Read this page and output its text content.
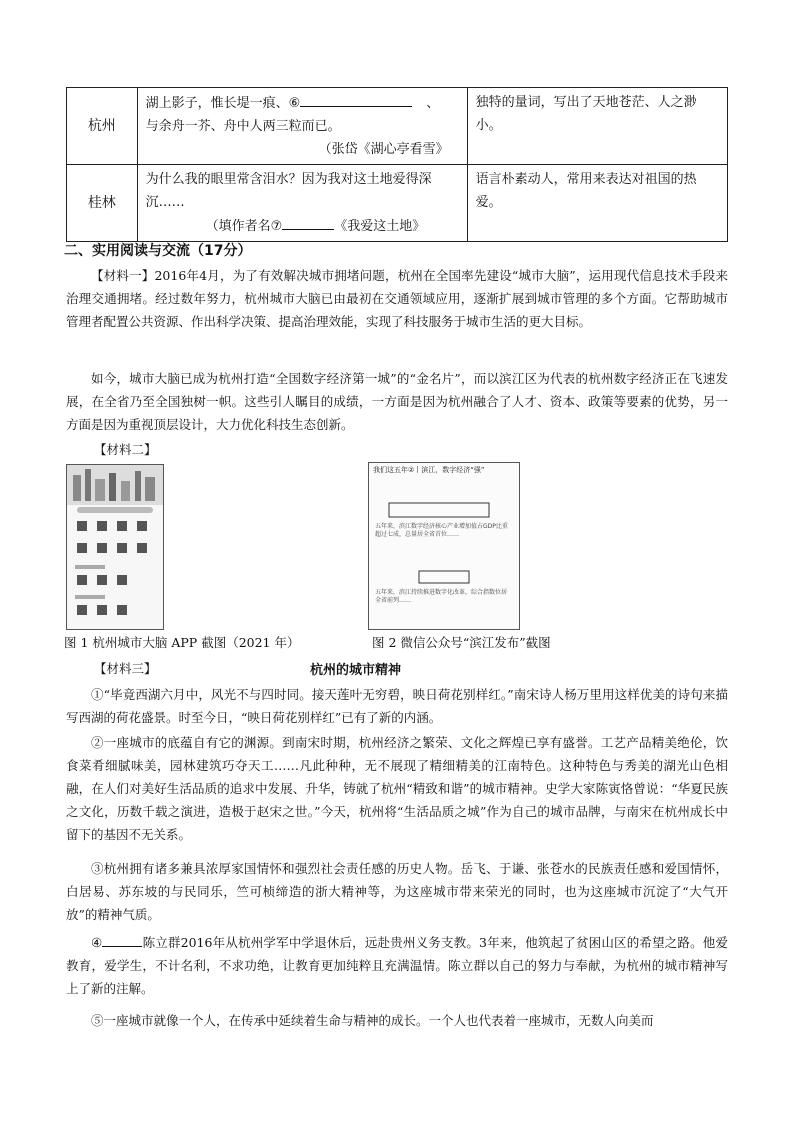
杭州	湖上影子，惟长堤一痕、⑥ 、
与余舟一芥、舟中人两三粒而已。
（张岱《湖心亭看雪》	独特的量词，写出了天地苍茫、人之渺小。
桂林	为什么我的眼里常含泪水？因为我对这土地爱得深沉……
（填作者名⑦ 《我爱这土地》	语言朴素动人，常用来表达对祖国的热爱。

二、实用阅读与交流（17分）

【材料一】2016年4月，为了有效解决城市拥堵问题，杭州在全国率先建设“城市大脑”，运用现代信息技术手段来治理交通拥堵。经过数年努力，杭州城市大脑已由最初在交通领域应用，逐渐扩展到城市管理的多个方面。它帮助城市管理者配置公共资源、作出科学决策、提高治理效能，实现了科技服务于城市生活的更大目标。

如今，城市大脑已成为杭州打造“全国数字经济第一城”的“金名片”，而以滨江区为代表的杭州数字经济正在飞速发展，在全省乃至全国独树一帜。这些引人瞩目的成绩，一方面是因为杭州融合了人才、资本、政策等要素的优势，另一方面是因为重视顶层设计，大力优化科技生态创新。

【材料二】

我们这五年②丨滨江，数字经济“强”
五年来，滨江数字经济核心产业增加值占GDP比重超过七成，总量居全省首位……
五年来，滨江持续推进数字化改革，综合指数位居全省前列……

图 1 杭州城市大脑 APP 截图（2021 年）	图 2 微信公众号“滨江发布”截图

【材料三】	杭州的城市精神

①“毕竟西湖六月中，风光不与四时同。接天莲叶无穷碧，映日荷花别样红。”南宋诗人杨万里用这样优美的诗句来描写西湖的荷花盛景。时至今日，“映日荷花别样红”已有了新的内涵。

②一座城市的底蕴自有它的渊源。到南宋时期，杭州经济之繁荣、文化之辉煌已享有盛誉。工艺产品精美绝伦，饮食菜肴细腻味美，园林建筑巧夺天工……凡此种种，无不展现了精细精美的江南特色。这种特色与秀美的湖光山色相融，在人们对美好生活品质的追求中发展、升华，铸就了杭州“精致和谐”的城市精神。史学大家陈寅恪曾说：“华夏民族之文化，历数千载之演进，造极于赵宋之世。”今天，杭州将“生活品质之城”作为自己的城市品牌，与南宋在杭州成长中留下的基因不无关系。

③杭州拥有诸多兼具浓厚家国情怀和强烈社会责任感的历史人物。岳飞、于谦、张苍水的民族责任感和爱国情怀，白居易、苏东坡的与民同乐，竺可桢缔造的浙大精神等，为这座城市带来荣光的同时，也为这座城市沉淀了“大气开放”的精神气质。

④	陈立群2016年从杭州学军中学退休后，远赴贵州义务支教。3年来，他筑起了贫困山区的希望之路。他爱教育，爱学生，不计名利，不求功绝，让教育更加纯粹且充满温情。陈立群以自己的努力与奉献，为杭州的城市精神写上了新的注解。

⑤一座城市就像一个人，在传承中延续着生命与精神的成长。一个人也代表着一座城市，无数人向美而
